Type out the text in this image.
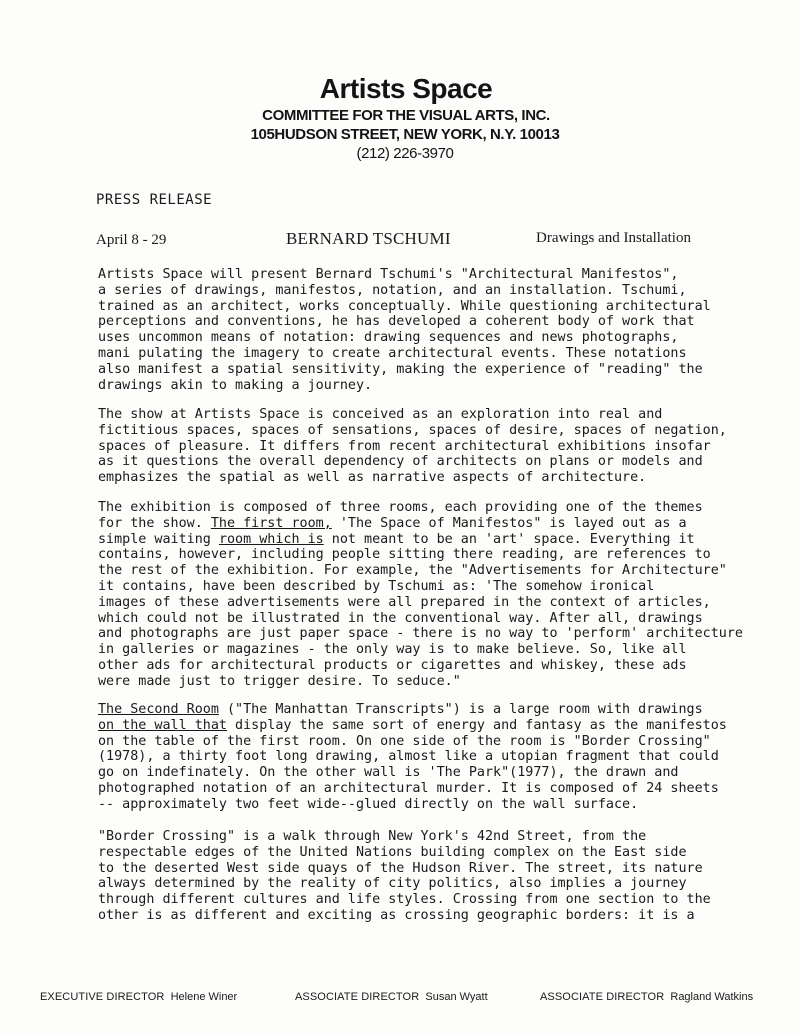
Artists Space
COMMITTEE FOR THE VISUAL ARTS, INC.
105HUDSON STREET, NEW YORK, N.Y. 10013
(212) 226-3970
PRESS RELEASE
April 8 - 29	BERNARD TSCHUMI	Drawings and Installation

Artists Space will present Bernard Tschumi's "Architectural Manifestos",
a series of drawings, manifestos, notation, and an installation. Tschumi,
trained as an architect, works conceptually. While questioning architectural
perceptions and conventions, he has developed a coherent body of work that
uses uncommon means of notation: drawing sequences and news photographs,
mani pulating the imagery to create architectural events. These notations
also manifest a spatial sensitivity, making the experience of "reading" the
drawings akin to making a journey.

The show at Artists Space is conceived as an exploration into real and
fictitious spaces, spaces of sensations, spaces of desire, spaces of negation,
spaces of pleasure. It differs from recent architectural exhibitions insofar
as it questions the overall dependency of architects on plans or models and
emphasizes the spatial as well as narrative aspects of architecture.

The exhibition is composed of three rooms, each providing one of the themes
for the show. The first room, 'The Space of Manifestos" is layed out as a
simple waiting room which is not meant to be an 'art' space. Everything it
contains, however, including people sitting there reading, are references to
the rest of the exhibition. For example, the "Advertisements for Architecture"
it contains, have been described by Tschumi as: 'The somehow ironical
images of these advertisements were all prepared in the context of articles,
which could not be illustrated in the conventional way. After all, drawings
and photographs are just paper space - there is no way to 'perform' architecture
in galleries or magazines - the only way is to make believe. So, like all
other ads for architectural products or cigarettes and whiskey, these ads
were made just to trigger desire. To seduce."

The Second Room ("The Manhattan Transcripts") is a large room with drawings
on the wall that display the same sort of energy and fantasy as the manifestos
on the table of the first room. On one side of the room is "Border Crossing"
(1978), a thirty foot long drawing, almost like a utopian fragment that could
go on indefinately. On the other wall is 'The Park"(1977), the drawn and
photographed notation of an architectural murder. It is composed of 24 sheets
-- approximately two feet wide--glued directly on the wall surface.

"Border Crossing" is a walk through New York's 42nd Street, from the
respectable edges of the United Nations building complex on the East side
to the deserted West side quays of the Hudson River. The street, its nature
always determined by the reality of city politics, also implies a journey
through different cultures and life styles. Crossing from one section to the
other is as different and exciting as crossing geographic borders: it is a

EXECUTIVE DIRECTOR Helene Winer	ASSOCIATE DIRECTOR Susan Wyatt	ASSOCIATE DIRECTOR Ragland Watkins
